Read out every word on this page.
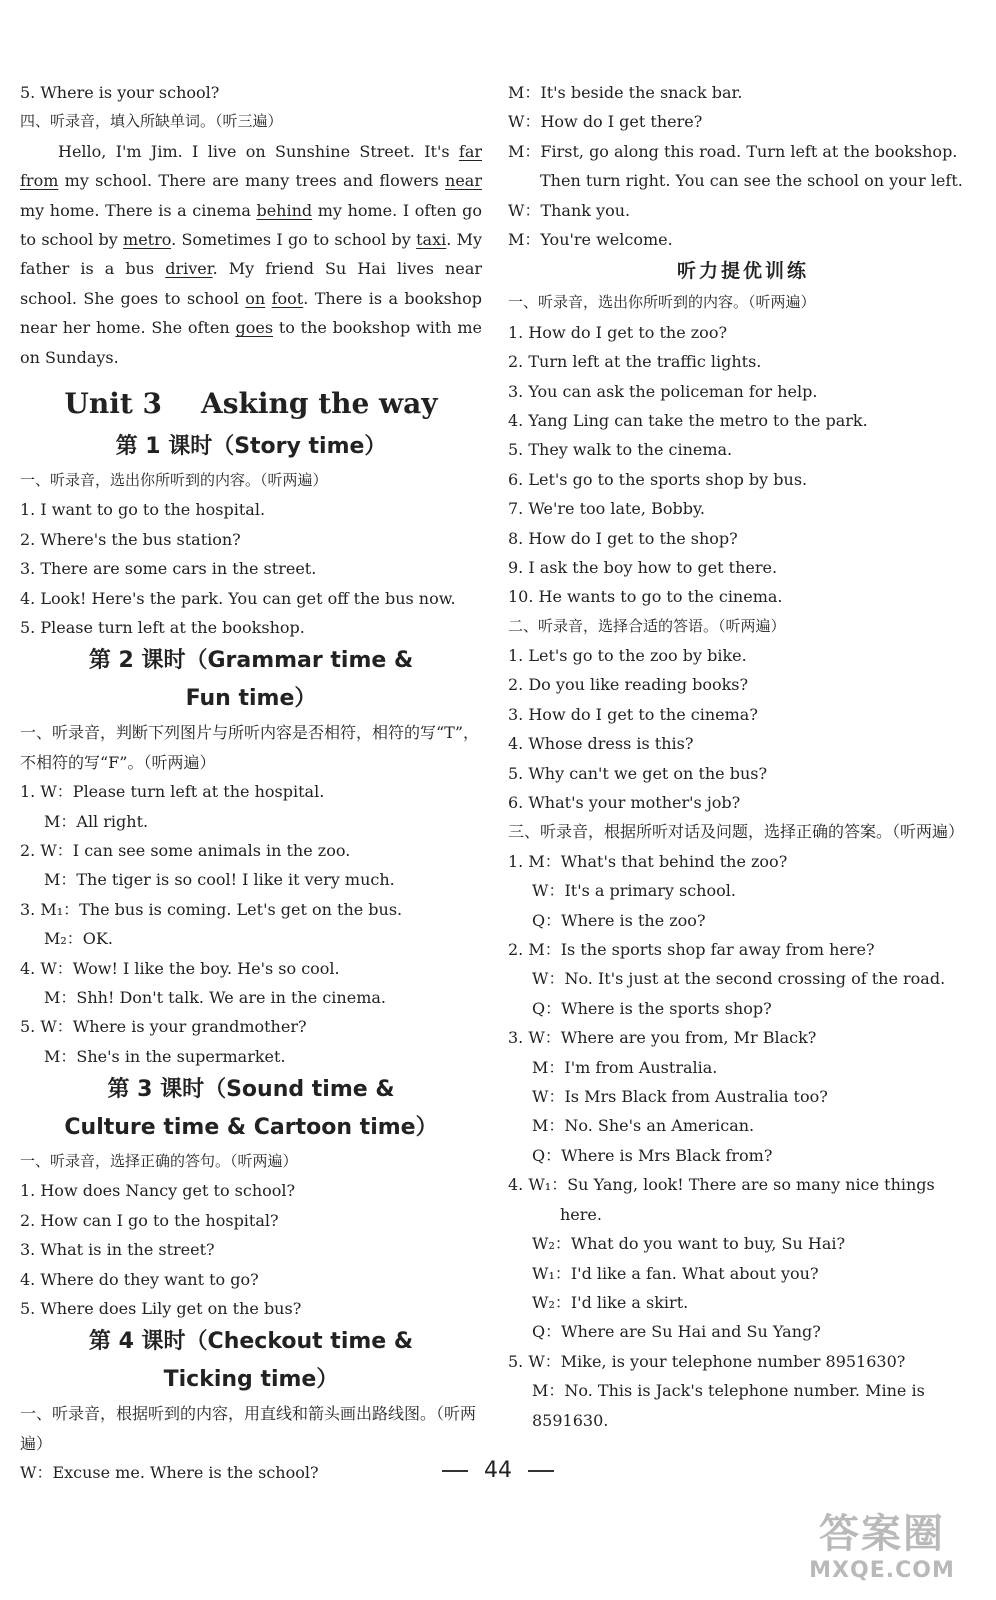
5. Where is your school?
四、听录音，填入所缺单词。（听三遍）
Hello, I'm Jim. I live on Sunshine Street. It's far from my school. There are many trees and flowers near my home. There is a cinema behind my home. I often go to school by metro. Sometimes I go to school by taxi. My father is a bus driver. My friend Su Hai lives near school. She goes to school on foot. There is a bookshop near her home. She often goes to the bookshop with me on Sundays.
Unit 3    Asking the way
第 1 课时（Story time）
一、听录音，选出你所听到的内容。（听两遍）
1. I want to go to the hospital.
2. Where's the bus station?
3. There are some cars in the street.
4. Look! Here's the park. You can get off the bus now.
5. Please turn left at the bookshop.
第 2 课时（Grammar time &
Fun time）
一、听录音，判断下列图片与所听内容是否相符，相符的写“T”，不相符的写“F”。（听两遍）
1. W：Please turn left at the hospital.
M：All right.
2. W：I can see some animals in the zoo.
M：The tiger is so cool! I like it very much.
3. M₁：The bus is coming. Let's get on the bus.
M₂：OK.
4. W：Wow! I like the boy. He's so cool.
M：Shh! Don't talk. We are in the cinema.
5. W：Where is your grandmother?
M：She's in the supermarket.
第 3 课时（Sound time &
Culture time & Cartoon time）
一、听录音，选择正确的答句。（听两遍）
1. How does Nancy get to school?
2. How can I go to the hospital?
3. What is in the street?
4. Where do they want to go?
5. Where does Lily get on the bus?
第 4 课时（Checkout time &
Ticking time）
一、听录音，根据听到的内容，用直线和箭头画出路线图。（听两遍）
W：Excuse me. Where is the school?
M：It's beside the snack bar.
W：How do I get there?
M：First, go along this road. Turn left at the bookshop. Then turn right. You can see the school on your left.
W：Thank you.
M：You're welcome.
听力提优训练
一、听录音，选出你所听到的内容。（听两遍）
1. How do I get to the zoo?
2. Turn left at the traffic lights.
3. You can ask the policeman for help.
4. Yang Ling can take the metro to the park.
5. They walk to the cinema.
6. Let's go to the sports shop by bus.
7. We're too late, Bobby.
8. How do I get to the shop?
9. I ask the boy how to get there.
10. He wants to go to the cinema.
二、听录音，选择合适的答语。（听两遍）
1. Let's go to the zoo by bike.
2. Do you like reading books?
3. How do I get to the cinema?
4. Whose dress is this?
5. Why can't we get on the bus?
6. What's your mother's job?
三、听录音，根据所听对话及问题，选择正确的答案。（听两遍）
1. M：What's that behind the zoo?
W：It's a primary school.
Q：Where is the zoo?
2. M：Is the sports shop far away from here?
W：No. It's just at the second crossing of the road.
Q：Where is the sports shop?
3. W：Where are you from, Mr Black?
M：I'm from Australia.
W：Is Mrs Black from Australia too?
M：No. She's an American.
Q：Where is Mrs Black from?
4. W₁：Su Yang, look! There are so many nice things here.
W₂：What do you want to buy, Su Hai?
W₁：I'd like a fan. What about you?
W₂：I'd like a skirt.
Q：Where are Su Hai and Su Yang?
5. W：Mike, is your telephone number 8951630?
M：No. This is Jack's telephone number. Mine is 8591630.
44
答案圈
MXQE.COM
